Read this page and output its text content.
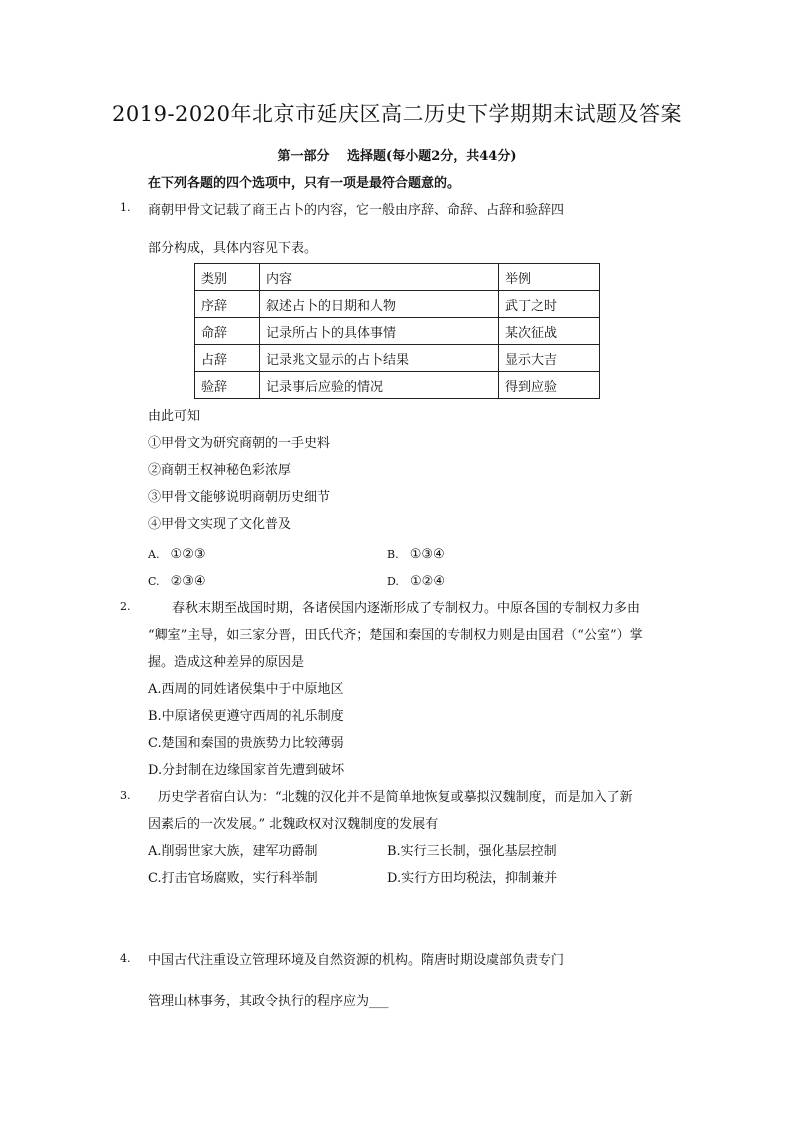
2019-2020年北京市延庆区高二历史下学期期末试题及答案
第一部分　 选择题(每小题2分，共44分)
在下列各题的四个选项中，只有一项是最符合题意的。
1. 商朝甲骨文记载了商王占卜的内容，它一般由序辞、命辞、占辞和验辞四
部分构成，具体内容见下表。
类别	内容	举例
序辞	叙述占卜的日期和人物	武丁之时
命辞	记录所占卜的具体事情	某次征战
占辞	记录兆文显示的占卜结果	显示大吉
验辞	记录事后应验的情况	得到应验
由此可知
①甲骨文为研究商朝的一手史料
②商朝王权神秘色彩浓厚
③甲骨文能够说明商朝历史细节
④甲骨文实现了文化普及
A. ①②③	B. ①③④
C. ②③④	D. ①②④
2.	春秋末期至战国时期，各诸侯国内逐渐形成了专制权力。中原各国的专制权力多由
“卿室”主导，如三家分晋，田氏代齐；楚国和秦国的专制权力则是由国君（“公室”）掌
握。造成这种差异的原因是
A.西周的同姓诸侯集中于中原地区
B.中原诸侯更遵守西周的礼乐制度
C.楚国和秦国的贵族势力比较薄弱
D.分封制在边缘国家首先遭到破坏
3. 历史学者宿白认为：“北魏的汉化并不是简单地恢复或摹拟汉魏制度，而是加入了新
因素后的一次发展。” 北魏政权对汉魏制度的发展有
A.削弱世家大族，建军功爵制	B.实行三长制，强化基层控制
C.打击官场腐败，实行科举制	D.实行方田均税法，抑制兼并
4. 中国古代注重设立管理环境及自然资源的机构。隋唐时期设虞部负责专门
管理山林事务，其政令执行的程序应为___
